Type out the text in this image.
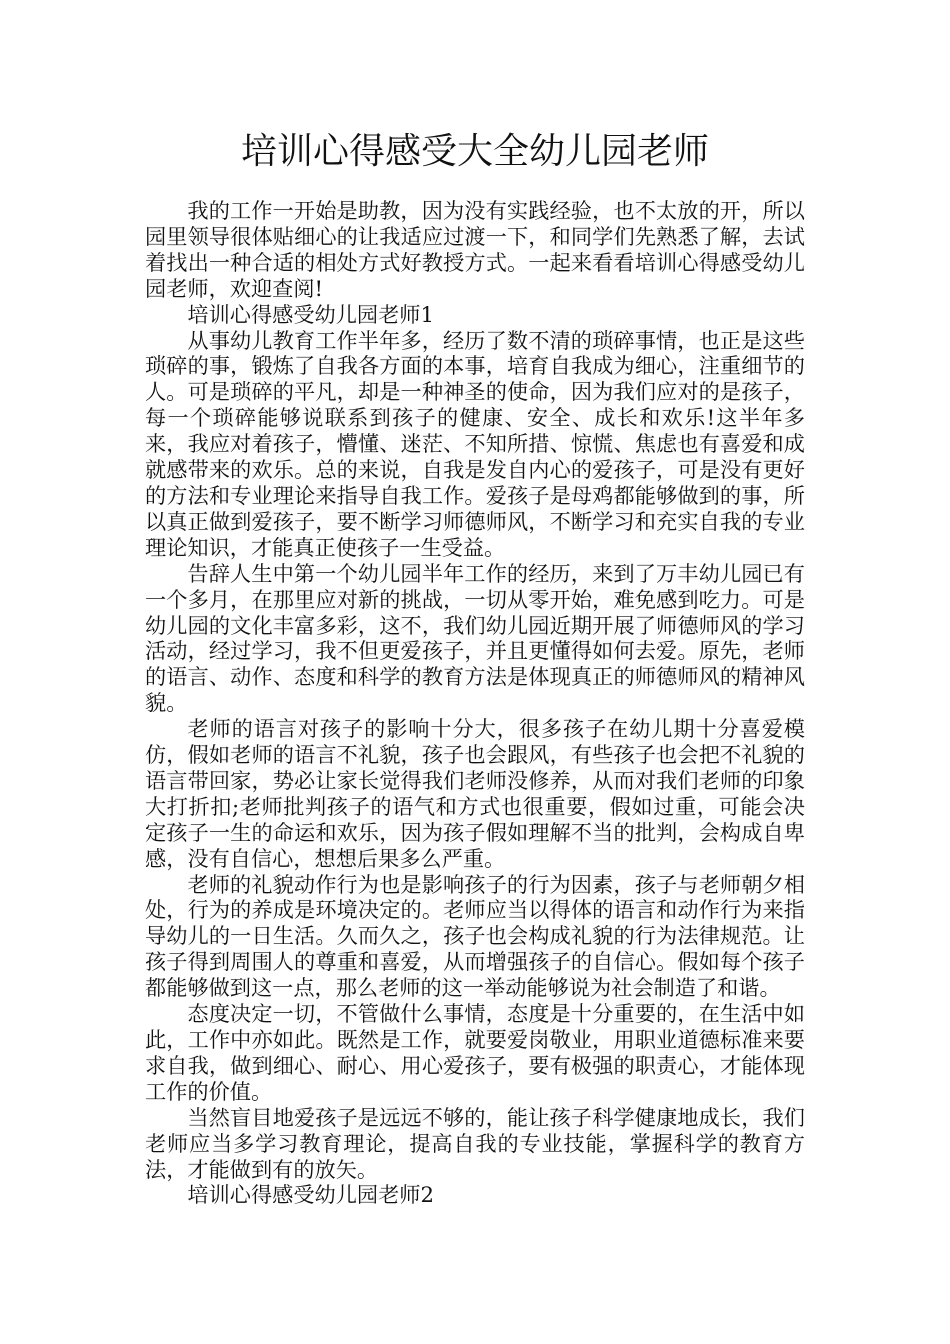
培训心得感受大全幼儿园老师

我的工作一开始是助教，因为没有实践经验，也不太放的开，所以园里领导很体贴细心的让我适应过渡一下，和同学们先熟悉了解，去试着找出一种合适的相处方式好教授方式。一起来看看培训心得感受幼儿园老师，欢迎查阅!

培训心得感受幼儿园老师1

从事幼儿教育工作半年多，经历了数不清的琐碎事情，也正是这些琐碎的事，锻炼了自我各方面的本事，培育自我成为细心，注重细节的人。可是琐碎的平凡，却是一种神圣的使命，因为我们应对的是孩子，每一个琐碎能够说联系到孩子的健康、安全、成长和欢乐!这半年多来，我应对着孩子，懵懂、迷茫、不知所措、惊慌、焦虑也有喜爱和成就感带来的欢乐。总的来说，自我是发自内心的爱孩子，可是没有更好的方法和专业理论来指导自我工作。爱孩子是母鸡都能够做到的事，所以真正做到爱孩子，要不断学习师德师风，不断学习和充实自我的专业理论知识，才能真正使孩子一生受益。

告辞人生中第一个幼儿园半年工作的经历，来到了万丰幼儿园已有一个多月，在那里应对新的挑战，一切从零开始，难免感到吃力。可是幼儿园的文化丰富多彩，这不，我们幼儿园近期开展了师德师风的学习活动，经过学习，我不但更爱孩子，并且更懂得如何去爱。原先，老师的语言、动作、态度和科学的教育方法是体现真正的师德师风的精神风貌。

老师的语言对孩子的影响十分大，很多孩子在幼儿期十分喜爱模仿，假如老师的语言不礼貌，孩子也会跟风，有些孩子也会把不礼貌的语言带回家，势必让家长觉得我们老师没修养，从而对我们老师的印象大打折扣;老师批判孩子的语气和方式也很重要，假如过重，可能会决定孩子一生的命运和欢乐，因为孩子假如理解不当的批判，会构成自卑感，没有自信心，想想后果多么严重。

老师的礼貌动作行为也是影响孩子的行为因素，孩子与老师朝夕相处，行为的养成是环境决定的。老师应当以得体的语言和动作行为来指导幼儿的一日生活。久而久之，孩子也会构成礼貌的行为法律规范。让孩子得到周围人的尊重和喜爱，从而增强孩子的自信心。假如每个孩子都能够做到这一点，那么老师的这一举动能够说为社会制造了和谐。

态度决定一切，不管做什么事情，态度是十分重要的，在生活中如此，工作中亦如此。既然是工作，就要爱岗敬业，用职业道德标准来要求自我，做到细心、耐心、用心爱孩子，要有极强的职责心，才能体现工作的价值。

当然盲目地爱孩子是远远不够的，能让孩子科学健康地成长，我们老师应当多学习教育理论，提高自我的专业技能，掌握科学的教育方法，才能做到有的放矢。

培训心得感受幼儿园老师2
